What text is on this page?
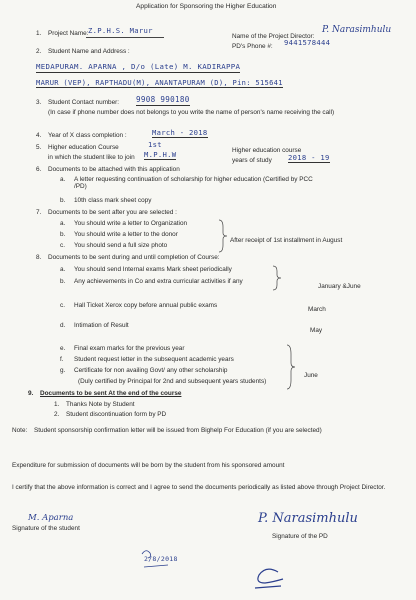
Application for Sponsoring the Higher Education
1. Project Name: Z.P.H.S. Marur
Name of the Project Director:
P. Narasimhulu
PD's Phone #: 9441578444
2. Student Name and Address :
MEDAPURAM. APARNA , D/o (Late) M. KADIRAPPA
MARUR (VEP), RAPTHADU(M), ANANTAPURAM (D), Pin: 515641
3. Student Contact number: 9908 990180
(In case if phone number does not belongs to you write the name of person's name receiving the call)
4. Year of X class completion :	March - 2018
5. Higher education Course
in which the student like to join
1st
M.P.H.W	Higher education course
years of study 2018 - 19
6. Documents to be attached with this application
a. A letter requesting continuation of scholarship for higher education (Certified by PCC /PD)
b. 10th class mark sheet copy
7. Documents to be sent after you are selected :
a. You should write a letter to Organization
b. You should write a letter to the donor
c. You should send a full size photo
After receipt of 1st installment in August
8. Documents to be sent during and until completion of Course:
a. You should send Internal exams Mark sheet periodically
b. Any achievements in Co and extra curricular activities if any
January &June
c. Hall Ticket Xerox copy before annual public exams
March
d. Intimation of Result
May
e. Final exam marks for the previous year
f. Student request letter in the subsequent academic years
g. Certificate for non availing Govt/ any other scholarship
(Duly certified by Principal for 2nd and subsequent years students)
June
9. Documents to be sent At the end of the course
1. Thanks Note by Student
2. Student discontinuation form by PD
Note: Student sponsorship confirmation letter will be issued from Bighelp For Education (if you are selected)
Expenditure for submission of documents will be born by the student from his sponsored amount
I certify that the above information is correct and I agree to send the documents periodically as listed above through Project Director.
M. Aparna
Signature of the student
P. Narasimhulu
Signature of the PD
2/8/2018
